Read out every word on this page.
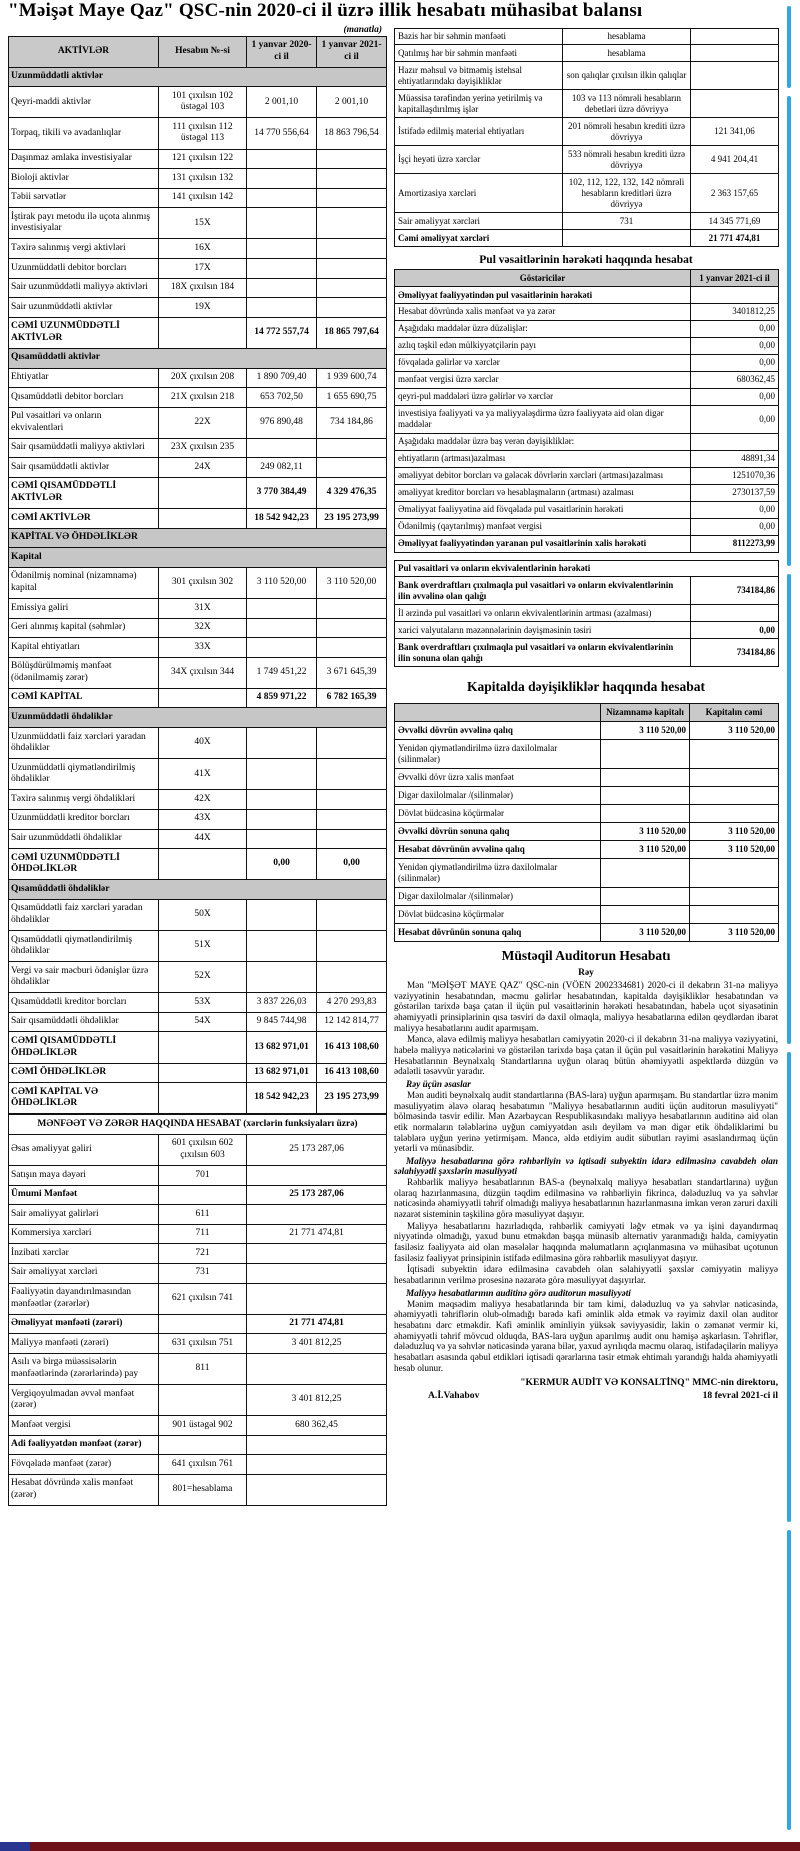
"Məişət Maye Qaz" QSC-nin 2020-ci il üzrə illik hesabatı mühasibat balansı
(manatla)
AKTİVLƏR	Hesabın №-si	1 yanvar 2020-ci il	1 yanvar 2021-ci il
Uzunmüddətli aktivlər			
Qeyri-maddi aktivlər	101 çıxılsın 102 üstəgəl 103	2 001,10	2 001,10
Torpaq, tikili və avadanlıqlar	111 çıxılsın 112 üstəgəl 113	14 770 556,64	18 863 796,54
Daşınmaz əmlaka investisiyalar	121 çıxılsın 122		
Bioloji aktivlər	131 çıxılsın 132		
Təbii sərvətlər	141 çıxılsın 142		
İştirak payı metodu ilə uçota alınmış investisiyalar	15X		
Təxirə salınmış vergi aktivləri	16X		
Uzunmüddətli debitor borcları	17X		
Sair uzunmüddətli maliyyə aktivləri	18X çıxılsın 184		
Sair uzunmüddətli aktivlər	19X		
CƏMİ UZUNMÜDDƏTLİ AKTİVLƏR		14 772 557,74	18 865 797,64
Qısamüddətli aktivlər			
Ehtiyatlar	20X çıxılsın 208	1 890 709,40	1 939 600,74
Qısamüddətli debitor borcları	21X çıxılsın 218	653 702,50	1 655 690,75
Pul vəsaitləri və onların ekvivalentləri	22X	976 890,48	734 184,86
Sair qısamüddətli maliyyə aktivləri	23X çıxılsın 235		
Sair qısamüddətli aktivlər	24X	249 082,11	
CƏMİ QISAMÜDDƏTLİ AKTİVLƏR		3 770 384,49	4 329 476,35
CƏMİ AKTİVLƏR		18 542 942,23	23 195 273,99
KAPİTAL VƏ ÖHDƏLİKLƏR			
Kapital			
Ödənilmiş nominal (nizamnamə) kapital	301 çıxılsın 302	3 110 520,00	3 110 520,00
Emissiya gəliri	31X		
Geri alınmış kapital (səhmlər)	32X		
Kapital ehtiyatları	33X		
Bölüşdürülməmiş mənfəət (ödənilməmiş zərər)	34X çıxılsın 344	1 749 451,22	3 671 645,39
CƏMİ KAPİTAL		4 859 971,22	6 782 165,39
Uzunmüddətli öhdəliklər			
Uzunmüddətli faiz xərcləri yaradan öhdəliklər	40X		
Uzunmüddətli qiymətləndirilmiş öhdəliklər	41X		
Təxirə salınmış vergi öhdəlikləri	42X		
Uzunmüddətli kreditor borcları	43X		
Sair uzunmüddətli öhdəliklər	44X		
CƏMİ UZUNMÜDDƏTLİ ÖHDƏLİKLƏR		0,00	0,00
Qısamüddətli öhdəliklər			
Qısamüddətli faiz xərcləri yaradan öhdəliklər	50X		
Qısamüddətli qiymətləndirilmiş öhdəliklər	51X		
Vergi və sair məcburi ödənişlər üzrə öhdəliklər	52X		
Qısamüddətli kreditor borcları	53X	3 837 226,03	4 270 293,83
Sair qısamüddətli öhdəliklər	54X	9 845 744,98	12 142 814,77
CƏMİ QISAMÜDDƏTLİ ÖHDƏLİKLƏR		13 682 971,01	16 413 108,60
CƏMİ ÖHDƏLİKLƏR		13 682 971,01	16 413 108,60
CƏMİ KAPİTAL VƏ ÖHDƏLİKLƏR		18 542 942,23	23 195 273,99
MƏNFƏƏT VƏ ZƏRƏR HAQQINDA HESABAT (xərclərin funksiyaları üzrə)		
Əsas əməliyyat gəliri	601 çıxılsın 602 çıxılsın 603	25 173 287,06
Satışın maya dəyəri	701	
Ümumi Mənfəət		25 173 287,06
Sair əməliyyat gəlirləri	611	
Kommersiya xərcləri	711	21 771 474,81
İnzibati xərclər	721	
Sair əməliyyat xərcləri	731	
Fəaliyyətin dayandırılmasından mənfəətlər (zərərlər)	621 çıxılsın 741	
Əməliyyat mənfəəti (zərəri)		21 771 474,81
Maliyyə mənfəəti (zərəri)	631 çıxılsın 751	3 401 812,25
Asılı və birgə müəssisələrin mənfəətlərində (zərərlərində) pay	811	
Vergiqoyulmadan əvvəl mənfəət (zərər)		3 401 812,25
Mənfəət vergisi	901 üstəgəl 902	680 362,45
Adi fəaliyyətdən mənfəət (zərər)		
Fövqəladə mənfəət (zərər)	641 çıxılsın 761	
Hesabat dövründə xalis mənfəət (zərər)	801=hesablama	
Bazis hər bir səhmin mənfəəti	hesablama	
Qatılmış hər bir səhmin mənfəəti	hesablama	
Hazır məhsul və bitməmiş istehsal ehtiyatlarındakı dəyişikliklər	son qalıqlar çıxılsın ilkin qalıqlar	
Müəssisə tərəfindən yerinə yetirilmiş və kapitallaşdırılmış işlər	103 və 113 nömrəli hesabların debetləri üzrə dövriyyə	
İstifadə edilmiş material ehtiyatları	201 nömrəli hesabın krediti üzrə dövriyyə	121 341,06
İşçi heyəti üzrə xərclər	533 nömrəli hesabın krediti üzrə dövriyyə	4 941 204,41
Amortizasiya xərcləri	102, 112, 122, 132, 142 nömrəli hesabların kreditləri üzrə dövriyyə	2 363 157,65
Sair əməliyyat xərcləri	731	14 345 771,69
Cəmi əməliyyat xərcləri		21 771 474,81
Pul vəsaitlərinin hərəkəti haqqında hesabat
Göstəricilər	1 yanvar 2021-ci il
Əməliyyat fəaliyyətindən pul vəsaitlərinin hərəkəti	
Hesabat dövründə xalis mənfəət və ya zərər	3401812,25
Aşağıdakı maddələr üzrə düzəlişlər:	0,00
azlıq təşkil edən mülkiyyətçilərin payı	0,00
fövqəladə gəlirlər və xərclər	0,00
mənfəət vergisi üzrə xərclər	680362,45
qeyri-pul maddələri üzrə gəlirlər və xərclər	0,00
investisiya fəaliyyəti və ya maliyyələşdirmə üzrə fəaliyyətə aid olan digər maddələr	0,00
Aşağıdakı maddələr üzrə baş verən dəyişikliklər:	
ehtiyatların (artması)azalması	48891,34
əməliyyat debitor borcları və gələcək dövrlərin xərcləri (artması)azalması	1251070,36
əməliyyat kreditor borcları və hesablaşmaların (artması) azalması	2730137,59
Əməliyyat fəaliyyətinə aid fövqəladə pul vəsaitlərinin hərəkəti	0,00
Ödənilmiş (qaytarılmış) mənfəət vergisi	0,00
Əməliyyat fəaliyyətindən yaranan pul vəsaitlərinin xalis hərəkəti	8112273,99
Pul vəsaitləri və onların ekvivalentlərinin hərəkəti	
Bank overdraftları çıxılmaqla pul vəsaitləri və onların ekvivalentlərinin ilin əvvəlinə olan qalığı	734184,86
İl ərzində pul vəsaitləri və onların ekvivalentlərinin artması (azalması)	
xarici valyutaların məzənnələrinin dəyişməsinin təsiri	0,00
Bank overdraftları çıxılmaqla pul vəsaitləri və onların ekvivalentlərinin ilin sonuna olan qalığı	734184,86
Kapitalda dəyişikliklər haqqında hesabat
	Nizamnamə kapitalı	Kapitalın cəmi
Əvvəlki dövrün əvvəlinə qalıq	3 110 520,00	3 110 520,00
Yenidən qiymətləndirilmə üzrə daxilolmalar (silinmələr)		
Əvvəlki dövr üzrə xalis mənfəət		
Digər daxilolmalar /(silinmələr)		
Dövlət büdcəsinə köçürmələr		
Əvvəlki dövrün sonuna qalıq	3 110 520,00	3 110 520,00
Hesabat dövrünün əvvəlinə qalıq	3 110 520,00	3 110 520,00
Yenidən qiymətləndirilmə üzrə daxilolmalar (silinmələr)		
Digər daxilolmalar /(silinmələr)		
Dövlət büdcəsinə köçürmələr		
Hesabat dövrünün sonuna qalıq	3 110 520,00	3 110 520,00
Müstəqil Auditorun Hesabatı
Rəy

Mən "MƏİŞƏT MAYE QAZ" QSC-nin (VÖEN 2002334681) 2020-ci il dekabrın 31-nə maliyyə vəziyyətinin hesabatından, məcmu gəlirlər hesabatından, kapitalda dəyişikliklər hesabatından və göstərilən tarixdə başa çatan il üçün pul vəsaitlərinin hərəkəti hesabatından, habelə uçot siyasətinin əhəmiyyətli prinsiplərinin qısa təsviri də daxil olmaqla, maliyyə hesabatlarına edilən qeydlərdən ibarət maliyyə hesabatlarını audit aparmışam.

Məncə, əlavə edilmiş maliyyə hesabatları cəmiyyətin 2020-ci il dekabrın 31-nə maliyyə vəziyyətini, habelə maliyyə nəticələrini və göstərilən tarixdə başa çatan il üçün pul vəsaitlərinin hərəkətini Maliyyə Hesabatlarının Beynəlxalq Standartlarına uyğun olaraq bütün əhəmiyyətli aspektlərdə düzgün və ədalətli təsəvvür yaradır.

Rəy üçün əsaslar

Mən auditi beynəlxalq audit standartlarına (BAS-lara) uyğun aparmışam. Bu standartlar üzrə mənim məsuliyyətim əlavə olaraq hesabatımın "Maliyyə hesabatlarının auditi üçün auditorun məsuliyyəti" bölməsində təsvir edilir. Mən Azərbaycan Respublikasındakı maliyyə hesabatlarının auditinə aid olan etik normaların tələblərinə uyğun cəmiyyətdən asılı deyiləm və mən digər etik öhdəliklərimi bu tələblərə uyğun yerinə yetirmişəm. Məncə, əldə etdiyim audit sübutları rəyimi əsaslandırmaq üçün yetərli və münasibdir.

Maliyyə hesabatlarına görə rəhbərliyin və iqtisadi subyektin idarə edilməsinə cavabdeh olan səlahiyyətli şəxslərin məsuliyyəti

Rəhbərlik maliyyə hesabatlarının BAS-a (beynəlxalq maliyyə hesabatları standartlarına) uyğun olaraq hazırlanmasına, düzgün təqdim edilməsinə və rəhbərliyin fikrincə, dələduzluq və ya səhvlər nəticəsində əhəmiyyətli təhrif olmadığı maliyyə hesabatlarının hazırlanmasına imkan verən zəruri daxili nəzarət sisteminin təşkilinə görə məsuliyyət daşıyır.

Maliyyə hesabatlarını hazırladıqda, rəhbərlik cəmiyyəti ləğv etmək və ya işini dayandırmaq niyyətində olmadığı, yaxud bunu etməkdən başqa münasib alternativ yaranmadığı halda, cəmiyyətin fasiləsiz fəaliyyətə aid olan məsələlər haqqında məlumatların açıqlanmasına və mühasibat uçotunun fasiləsiz fəaliyyət prinsipinin istifadə edilməsinə görə rəhbərlik məsuliyyət daşıyır.

İqtisadi subyektin idarə edilməsinə cavabdeh olan səlahiyyətli şəxslər cəmiyyətin maliyyə hesabatlarının verilmə prosesinə nəzarətə görə məsuliyyət daşıyırlar.

Maliyyə hesabatlarının auditinə görə auditorun məsuliyyəti

Mənim məqsədim maliyyə hesabatlarında bir tam kimi, dələduzluq və ya səhvlər nəticəsində, əhəmiyyətli təhriflərin olub-olmadığı barədə kafi əminlik əldə etmək və rəyimiz daxil olan auditor hesabatını dərc etməkdir. Kafi əminlik əminliyin yüksək səviyyəsidir, lakin o zəmanət vermir ki, əhəmiyyətli təhrif mövcud olduqda, BAS-lara uyğun aparılmış audit onu həmişə aşkarlasın. Təhriflər, dələduzluq və ya səhvlər nəticəsində yarana bilər, yaxud ayrılıqda məcmu olaraq, istifadəçilərin maliyyə hesabatları əsasında qəbul etdikləri iqtisadi qərarlarına təsir etmək ehtimalı yarandığı halda əhəmiyyətli hesab olunur.

"KERMUR AUDİT VƏ KONSALTİNQ" MMC-nin direktoru,
A.İ.Vahabov	18 fevral 2021-ci il
